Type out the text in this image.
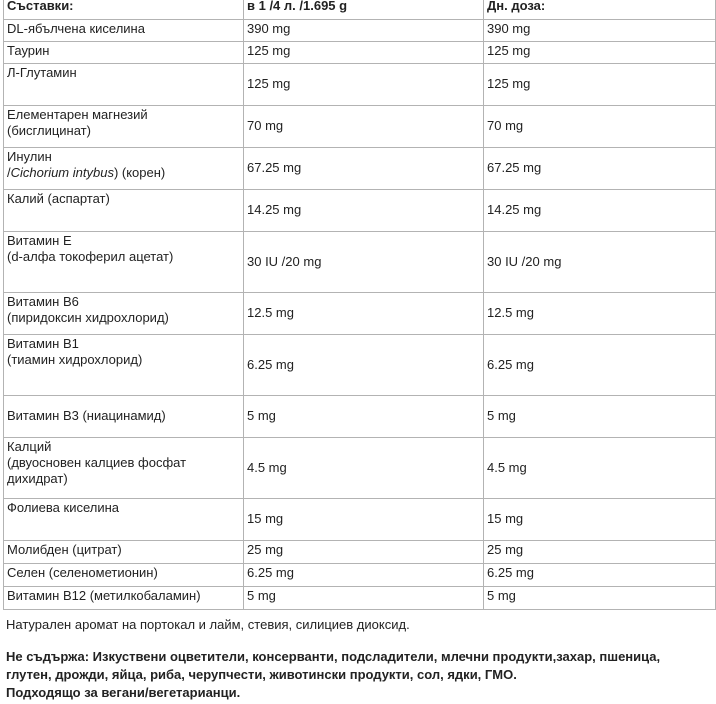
Съставки:	в 1 /4 л. /1.695 g	Дн. доза:
DL-ябълчена киселина	390 mg	390 mg
Таурин	125 mg	125 mg
Л-Глутамин	125 mg	125 mg

Елементарен магнезий
(бисглицинат)	70 mg	70 mg

Инулин
/Cichorium intybus) (корен)	67.25 mg	67.25 mg
Калий (аспартат)	14.25 mg	14.25 mg

Витамин E
(d-алфа токоферил ацетат)	30 IU /20 mg	30 IU /20 mg

Витамин B6
(пиридоксин хидрохлорид)	12.5 mg	12.5 mg

Витамин B1
(тиамин хидрохлорид)	6.25 mg	6.25 mg
Витамин B3 (ниацинамид)	5 mg	5 mg

Калций
(двуосновен калциев фосфат
дихидрат)	4.5 mg	4.5 mg
Фолиева киселина	15 mg	15 mg
Молибден (цитрат)	25 mg	25 mg
Селен (селенометионин)	6.25 mg	6.25 mg
Витамин B12 (метилкобаламин)	5 mg	5 mg
Натурален аромат на портокал и лайм, стевия, силициев диоксид.
Не съдържа: Изкуствени оцветители, консерванти, подсладители, млечни продукти,захар, пшеница,
глутен, дрожди, яйца, риба, черупчести, животински продукти, сол, ядки, ГМО.
Подходящо за вегани/вегетарианци.
